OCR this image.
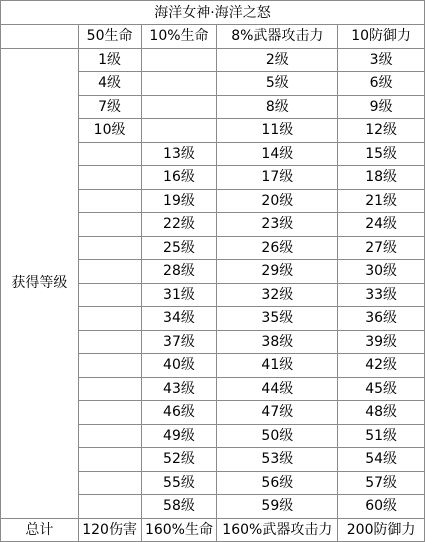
海洋女神·海洋之怒				
	50生命	10%生命	8%武器攻击力	10防御力
获得等级	1级		2级	3级
	4级		5级	6级
	7级		8级	9级
	10级		11级	12级
		13级	14级	15级
		16级	17级	18级
		19级	20级	21级
		22级	23级	24级
		25级	26级	27级
		28级	29级	30级
		31级	32级	33级
		34级	35级	36级
		37级	38级	39级
		40级	41级	42级
		43级	44级	45级
		46级	47级	48级
		49级	50级	51级
		52级	53级	54级
		55级	56级	57级
		58级	59级	60级
总计	120伤害	160%生命	160%武器攻击力	200防御力
